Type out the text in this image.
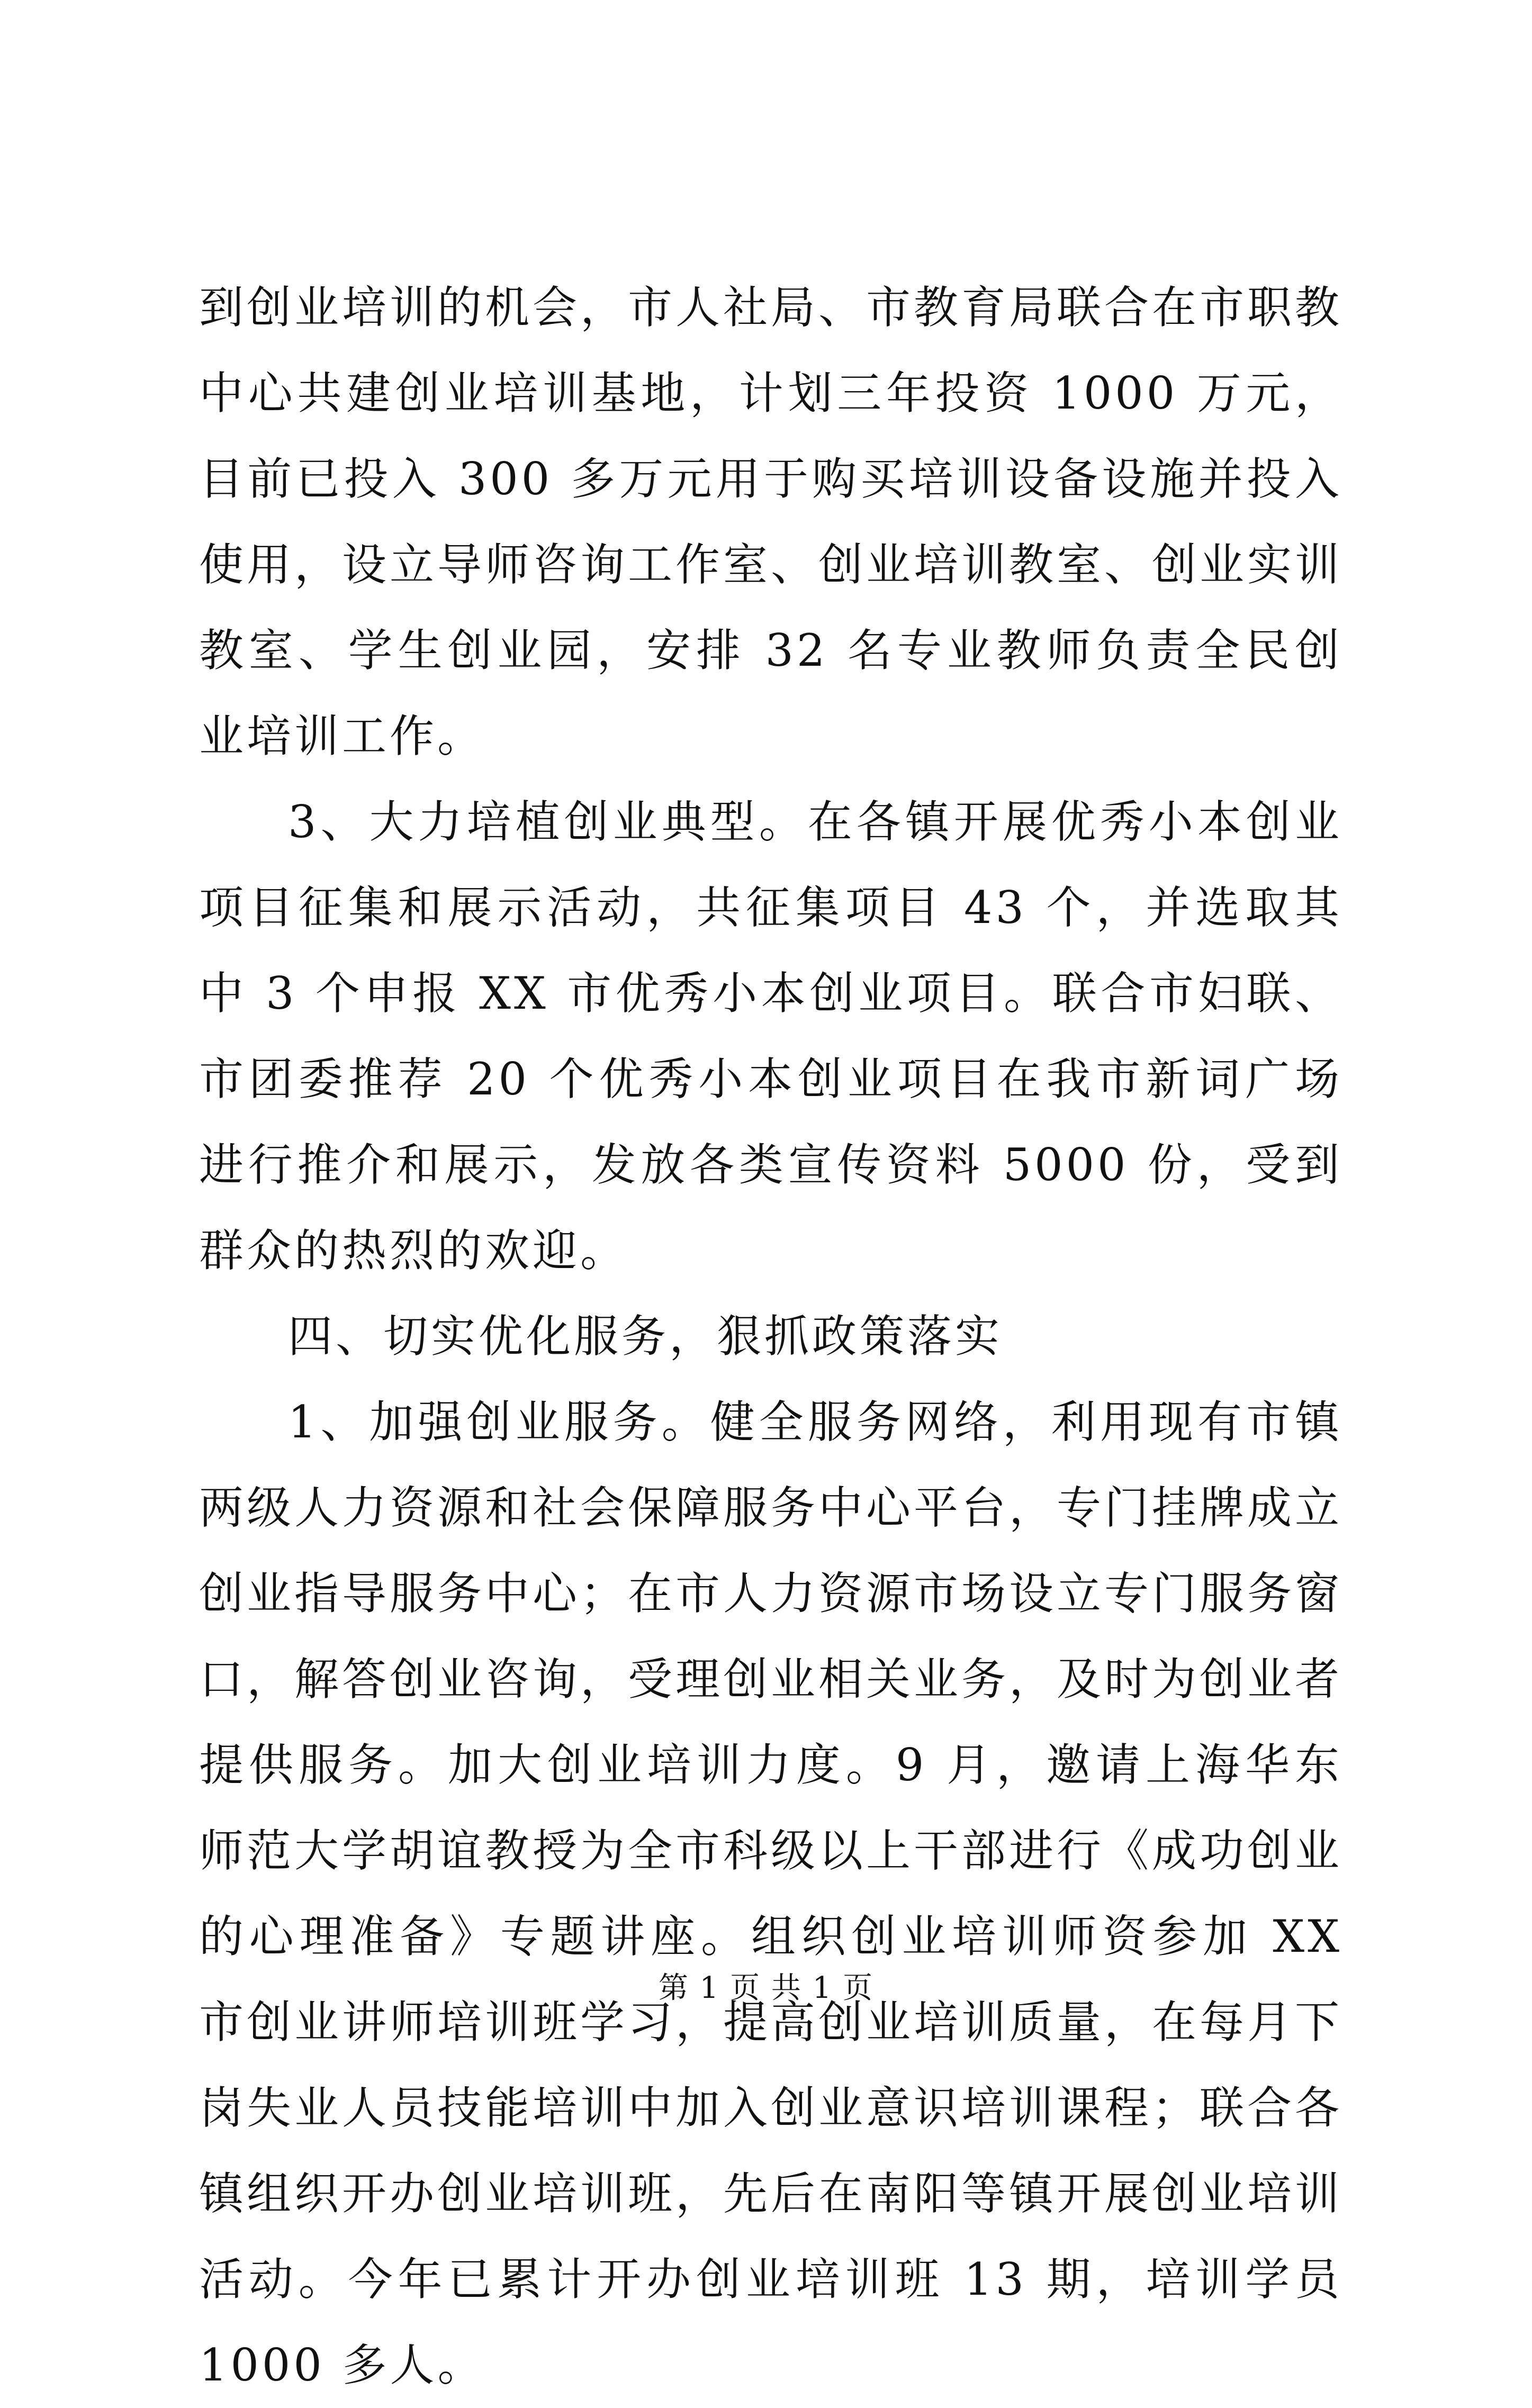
到创业培训的机会，市人社局、市教育局联合在市职教中心共建创业培训基地，计划三年投资 1000 万元，目前已投入 300 多万元用于购买培训设备设施并投入使用，设立导师咨询工作室、创业培训教室、创业实训教室、学生创业园，安排 32 名专业教师负责全民创业培训工作。

3、大力培植创业典型。在各镇开展优秀小本创业项目征集和展示活动，共征集项目 43 个，并选取其中 3 个申报 XX 市优秀小本创业项目。联合市妇联、市团委推荐 20 个优秀小本创业项目在我市新词广场进行推介和展示，发放各类宣传资料 5000 份，受到群众的热烈的欢迎。

四、切实优化服务，狠抓政策落实

1、加强创业服务。健全服务网络，利用现有市镇两级人力资源和社会保障服务中心平台，专门挂牌成立创业指导服务中心；在市人力资源市场设立专门服务窗口，解答创业咨询，受理创业相关业务，及时为创业者提供服务。加大创业培训力度。9 月，邀请上海华东师范大学胡谊教授为全市科级以上干部进行《成功创业的心理准备》专题讲座。组织创业培训师资参加 XX 市创业讲师培训班学习，提高创业培训质量，在每月下岗失业人员技能培训中加入创业意识培训课程；联合各镇组织开办创业培训班，先后在南阳等镇开展创业培训活动。今年已累计开办创业培训班 13 期，培训学员 1000 多人。

第 1 页 共 1 页
